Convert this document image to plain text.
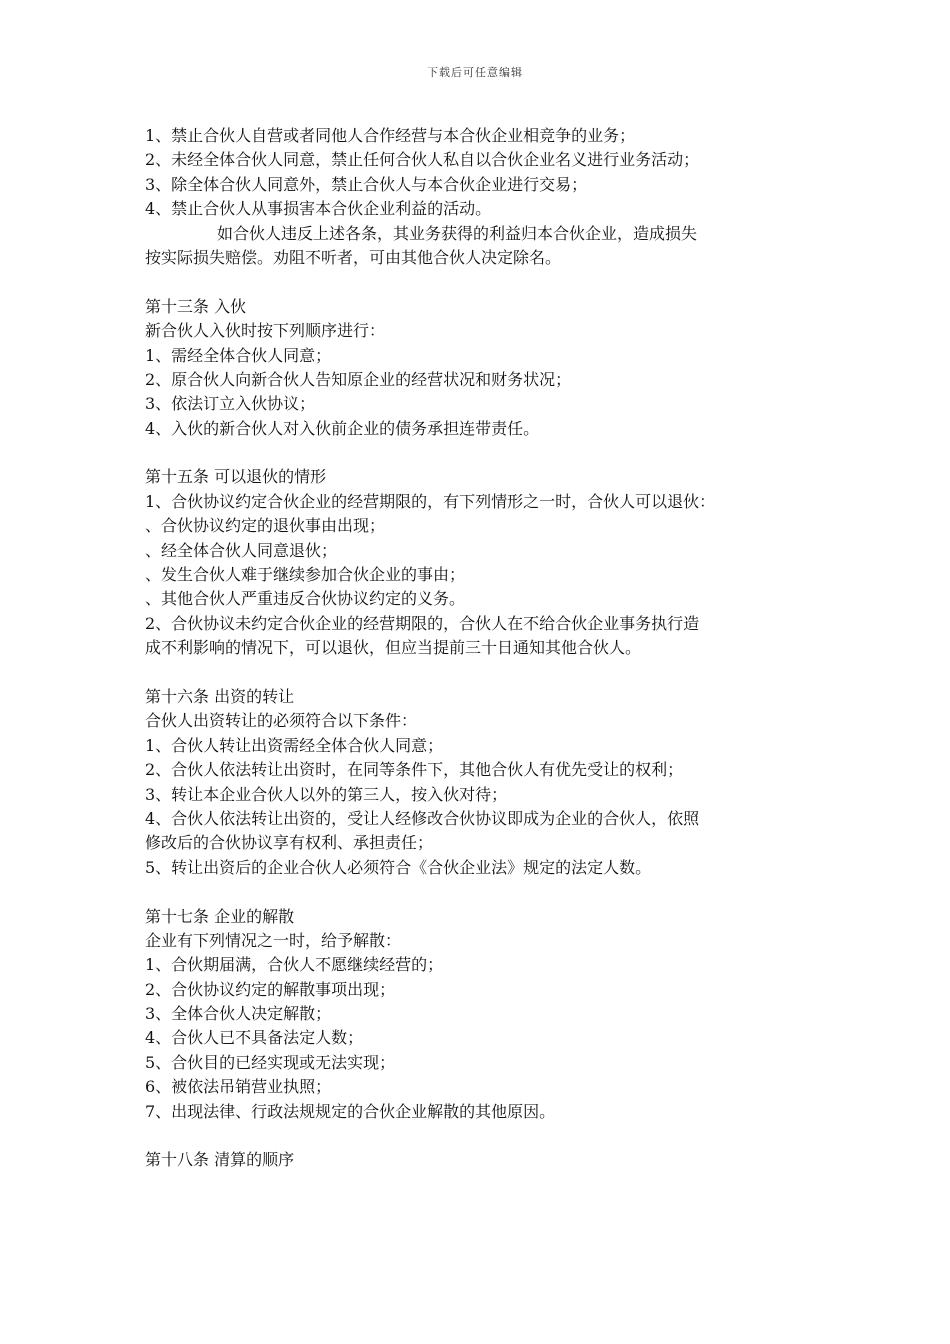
下载后可任意编辑
1、禁止合伙人自营或者同他人合作经营与本合伙企业相竞争的业务；
2、未经全体合伙人同意，禁止任何合伙人私自以合伙企业名义进行业务活动；
3、除全体合伙人同意外，禁止合伙人与本合伙企业进行交易；
4、禁止合伙人从事损害本合伙企业利益的活动。
如合伙人违反上述各条，其业务获得的利益归本合伙企业，造成损失
按实际损失赔偿。劝阻不听者，可由其他合伙人决定除名。
第十三条 入伙
新合伙人入伙时按下列顺序进行：
1、需经全体合伙人同意；
2、原合伙人向新合伙人告知原企业的经营状况和财务状况；
3、依法订立入伙协议；
4、入伙的新合伙人对入伙前企业的债务承担连带责任。
第十五条 可以退伙的情形
1、合伙协议约定合伙企业的经营期限的，有下列情形之一时，合伙人可以退伙：
、合伙协议约定的退伙事由出现；
、经全体合伙人同意退伙；
、发生合伙人难于继续参加合伙企业的事由；
、其他合伙人严重违反合伙协议约定的义务。
2、合伙协议未约定合伙企业的经营期限的，合伙人在不给合伙企业事务执行造
成不利影响的情况下，可以退伙，但应当提前三十日通知其他合伙人。
第十六条 出资的转让
合伙人出资转让的必须符合以下条件：
1、合伙人转让出资需经全体合伙人同意；
2、合伙人依法转让出资时，在同等条件下，其他合伙人有优先受让的权利；
3、转让本企业合伙人以外的第三人，按入伙对待；
4、合伙人依法转让出资的，受让人经修改合伙协议即成为企业的合伙人，依照
修改后的合伙协议享有权利、承担责任；
5、转让出资后的企业合伙人必须符合《合伙企业法》规定的法定人数。
第十七条 企业的解散
企业有下列情况之一时，给予解散：
1、合伙期届满，合伙人不愿继续经营的；
2、合伙协议约定的解散事项出现；
3、全体合伙人决定解散；
4、合伙人已不具备法定人数；
5、合伙目的已经实现或无法实现；
6、被依法吊销营业执照；
7、出现法律、行政法规规定的合伙企业解散的其他原因。
第十八条 清算的顺序
